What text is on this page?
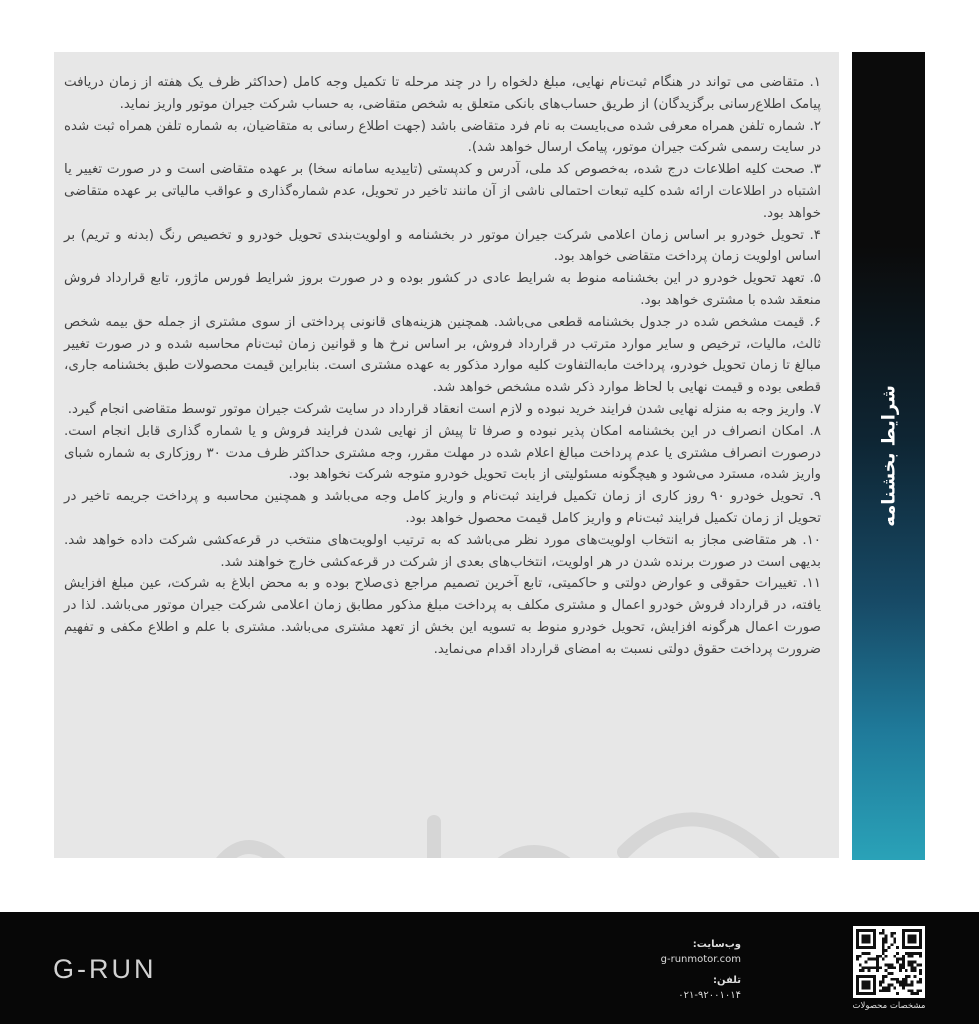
۱. متقاضی می تواند در هنگام ثبت‌نام نهایی، مبلغ دلخواه را در چند مرحله تا تکمیل وجه کامل (حداکثر ظرف یک هفته از زمان دریافت پیامک اطلاع‌رسانی برگزیدگان) از طریق حساب‌های بانکی متعلق به شخص متقاضی، به حساب شرکت جیران موتور واریز نماید.

۲. شماره تلفن همراه معرفی شده می‌بایست به نام فرد متقاضی باشد (جهت اطلاع رسانی به متقاضیان، به شماره تلفن همراه ثبت شده در سایت رسمی شرکت جیران موتور، پیامک ارسال خواهد شد).

۳. صحت کلیه اطلاعات درج شده، به‌خصوص کد ملی، آدرس و کدپستی (تاییدیه سامانه سخا) بر عهده متقاضی است و در صورت تغییر یا اشتباه در اطلاعات ارائه شده کلیه تبعات احتمالی ناشی از آن مانند تاخیر در تحویل، عدم شماره‌گذاری و عواقب مالیاتی بر عهده متقاضی خواهد بود.

۴. تحویل خودرو بر اساس زمان اعلامی شرکت جیران موتور در بخشنامه و اولویت‌بندی تحویل خودرو و تخصیص رنگ (بدنه و تریم) بر اساس اولویت زمان پرداخت متقاضی خواهد بود.

۵. تعهد تحویل خودرو در این بخشنامه منوط به شرایط عادی در کشور بوده و در صورت بروز شرایط فورس ماژور، تابع قرارداد فروش منعقد شده با مشتری خواهد بود.

۶. قیمت مشخص شده در جدول بخشنامه قطعی می‌باشد. همچنین هزینه‌های قانونی پرداختی از سوی مشتری از جمله حق بیمه شخص ثالث، مالیات، ترخیص و سایر موارد مترتب در قرارداد فروش، بر اساس نرخ ها و قوانین زمان ثبت‌نام محاسبه شده و در صورت تغییر مبالغ تا زمان تحویل خودرو، پرداخت مابه‌التفاوت کلیه موارد مذکور به عهده مشتری است. بنابراین قیمت محصولات طبق بخشنامه جاری، قطعی بوده و قیمت نهایی با لحاظ موارد ذکر شده مشخص خواهد شد.

۷. واریز وجه به منزله نهایی شدن فرایند خرید نبوده و لازم است انعقاد قرارداد در سایت شرکت جیران موتور توسط متقاضی انجام گیرد.

۸. امکان انصراف در این بخشنامه امکان پذیر نبوده و صرفا تا پیش از نهایی شدن فرایند فروش و یا شماره گذاری قابل انجام است. درصورت انصراف مشتری یا عدم پرداخت مبالغ اعلام شده در مهلت مقرر، وجه مشتری حداکثر ظرف مدت ۳۰ روزکاری به شماره شبای واریز شده، مسترد می‌شود و هیچگونه مسئولیتی از بابت تحویل خودرو متوجه شرکت نخواهد بود.

۹. تحویل خودرو ۹۰ روز کاری از زمان تکمیل فرایند ثبت‌نام و واریز کامل وجه می‌باشد و همچنین محاسبه و پرداخت جریمه تاخیر در تحویل از زمان تکمیل فرایند ثبت‌نام و واریز کامل قیمت محصول خواهد بود.

۱۰. هر متقاضی مجاز به انتخاب اولویت‌های مورد نظر می‌باشد که به ترتیب اولویت‌های منتخب در قرعه‌کشی شرکت داده خواهد شد. بدیهی است در صورت برنده شدن در هر اولویت، انتخاب‌های بعدی از شرکت در قرعه‌کشی خارج خواهند شد.

۱۱. تغییرات حقوقی و عوارض دولتی و حاکمیتی، تابع آخرین تصمیم مراجع ذی‌صلاح بوده و به محض ابلاغ به شرکت، عین مبلغ افزایش یافته، در قرارداد فروش خودرو اعمال و مشتری مکلف به پرداخت مبلغ مذکور مطابق زمان اعلامی شرکت جیران موتور می‌باشد. لذا در صورت اعمال هرگونه افزایش، تحویل خودرو منوط به تسویه این بخش از تعهد مشتری می‌باشد. مشتری با علم و اطلاع مکفی و تفهیم ضرورت پرداخت حقوق دولتی نسبت به امضای قرارداد اقدام می‌نماید.

شرایط بخشنامه
G-RUN
وب‌سایت:
g-runmotor.com
تلفن:
۰۲۱-۹۲۰۰۱۰۱۴
مشخصات محصولات
